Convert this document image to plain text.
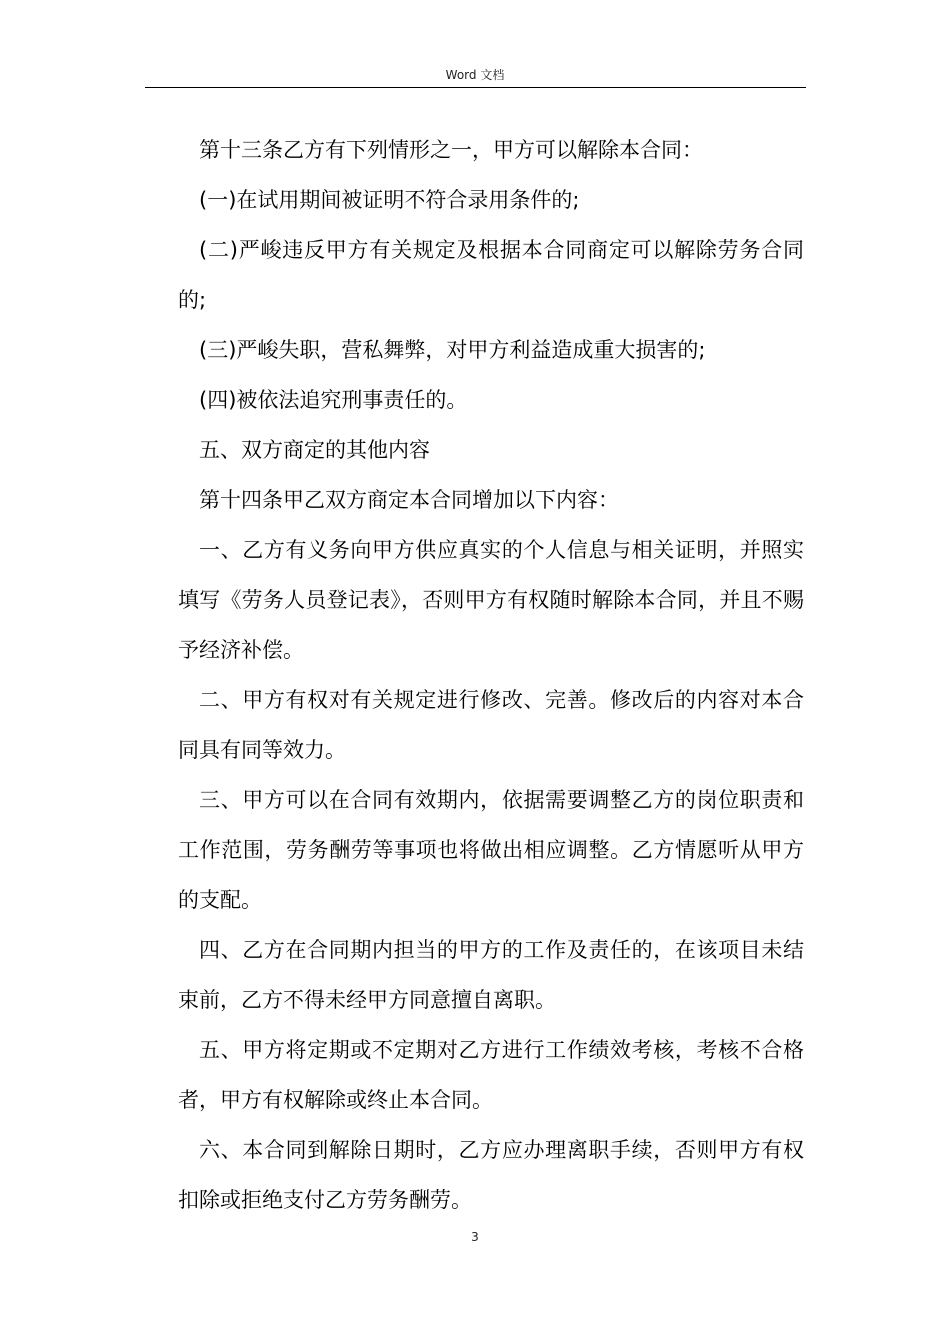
Word 文档

第十三条乙方有下列情形之一，甲方可以解除本合同：

(一)在试用期间被证明不符合录用条件的;

(二)严峻违反甲方有关规定及根据本合同商定可以解除劳务合同的;

(三)严峻失职，营私舞弊，对甲方利益造成重大损害的;

(四)被依法追究刑事责任的。

五、双方商定的其他内容

第十四条甲乙双方商定本合同增加以下内容：

一、乙方有义务向甲方供应真实的个人信息与相关证明，并照实填写《劳务人员登记表》，否则甲方有权随时解除本合同，并且不赐予经济补偿。

二、甲方有权对有关规定进行修改、完善。修改后的内容对本合同具有同等效力。

三、甲方可以在合同有效期内，依据需要调整乙方的岗位职责和工作范围，劳务酬劳等事项也将做出相应调整。乙方情愿听从甲方的支配。

四、乙方在合同期内担当的甲方的工作及责任的，在该项目未结束前，乙方不得未经甲方同意擅自离职。

五、甲方将定期或不定期对乙方进行工作绩效考核，考核不合格者，甲方有权解除或终止本合同。

六、本合同到解除日期时，乙方应办理离职手续，否则甲方有权扣除或拒绝支付乙方劳务酬劳。

3
